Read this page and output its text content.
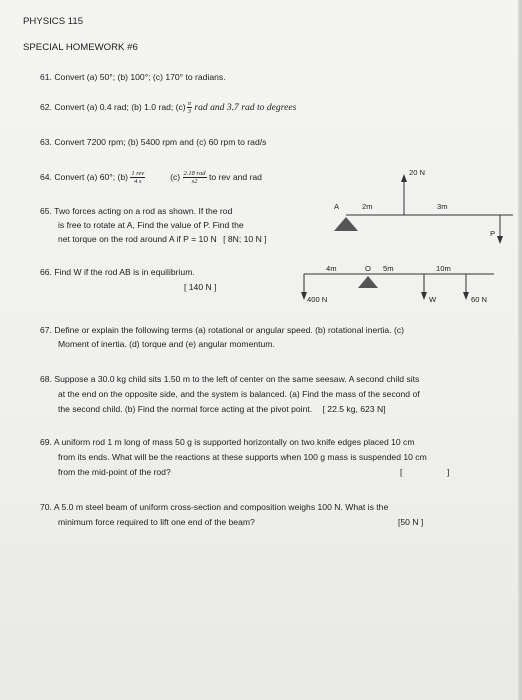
PHYSICS 115
SPECIAL HOMEWORK #6
61. Convert (a) 50°; (b) 100°; (c) 170° to radians.
62. Convert (a) 0.4 rad; (b) 1.0 rad; $(c) \frac{\pi}{3}$ rad and 3.7 rad to degrees
63. Convert 7200 rpm; (b) 5400 rpm and (c) 60 rpm to rad/s
64. Convert (a) 60°; $(b) \frac{\text{1 rev}}{4 s}$	$(c) \frac{\text{2.18 rad}}{s2}$ to rev and rad
65. Two forces acting on a rod as shown. If the rod
is free to rotate at A, Find the value of P. Find the
net torque on the rod around A if P = 10 N [ 8N; 10 N ]
A	2m	3m
20 N
P
66. Find W if the rod AB is in equilibrium.
[ 140 N ]
4m	O 5m	10m
400 N	W	60 N
67. Define or explain the following terms (a) rotational or angular speed. (b) rotational inertia. (c)
Moment of inertia. (d) torque and (e) angular momentum.
68. Suppose a 30.0 kg child sits 1.50 m to the left of center on the same seesaw. A second child sits
at the end on the opposite side, and the system is balanced. (a) Find the mass of the second of
the second child. (b) Find the normal force acting at the pivot point. [ 22.5 kg, 623 N]
69. A uniform rod 1 m long of mass 50 g is supported horizontally on two knife edges placed 10 cm
from its ends. What will be the reactions at these supports when 100 g mass is suspended 10 cm
from the mid-point of the rod?	[	]
70. A 5.0 m steel beam of uniform cross-section and composition weighs 100 N. What is the
minimum force required to lift one end of the beam?	[50 N ]
